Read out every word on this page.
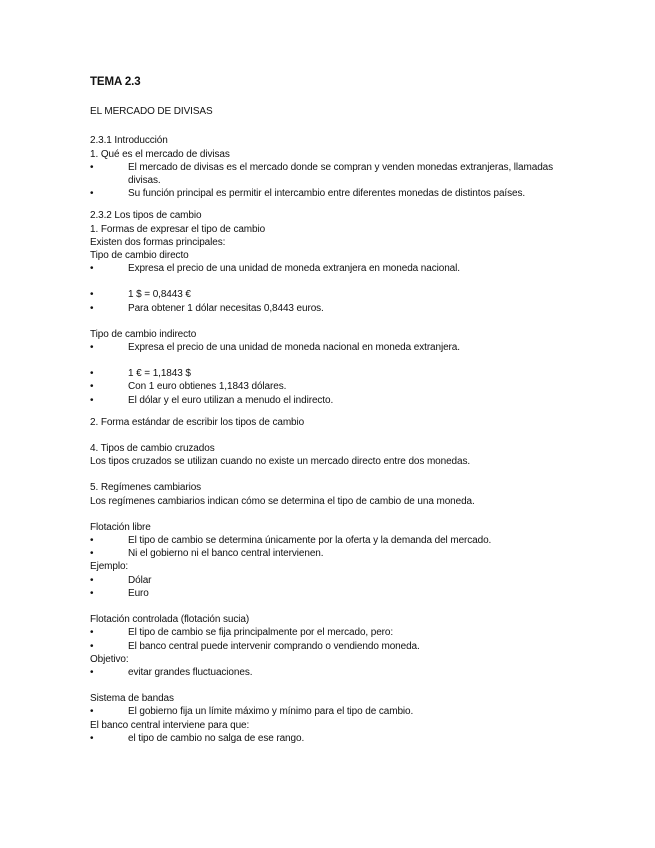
TEMA 2.3

EL MERCADO DE DIVISAS

2.3.1 Introducción

1. Qué es el mercado de divisas

•	El mercado de divisas es el mercado donde se compran y venden monedas extranjeras, llamadas divisas.

•	Su función principal es permitir el intercambio entre diferentes monedas de distintos países.

2.3.2 Los tipos de cambio

1. Formas de expresar el tipo de cambio

Existen dos formas principales:

Tipo de cambio directo

•	Expresa el precio de una unidad de moneda extranjera en moneda nacional.

•	1 $ = 0,8443 €

•	Para obtener 1 dólar necesitas 0,8443 euros.

Tipo de cambio indirecto

•	Expresa el precio de una unidad de moneda nacional en moneda extranjera.

•	1 € = 1,1843 $

•	Con 1 euro obtienes 1,1843 dólares.

•	El dólar y el euro utilizan a menudo el indirecto.

2. Forma estándar de escribir los tipos de cambio

4. Tipos de cambio cruzados

Los tipos cruzados se utilizan cuando no existe un mercado directo entre dos monedas.

5. Regímenes cambiarios

Los regímenes cambiarios indican cómo se determina el tipo de cambio de una moneda.

Flotación libre

•	El tipo de cambio se determina únicamente por la oferta y la demanda del mercado.

•	Ni el gobierno ni el banco central intervienen.

Ejemplo:

•	Dólar

•	Euro

Flotación controlada (flotación sucia)

•	El tipo de cambio se fija principalmente por el mercado, pero:

•	El banco central puede intervenir comprando o vendiendo moneda.

Objetivo:

•	evitar grandes fluctuaciones.

Sistema de bandas

•	El gobierno fija un límite máximo y mínimo para el tipo de cambio.

El banco central interviene para que:

•	el tipo de cambio no salga de ese rango.
